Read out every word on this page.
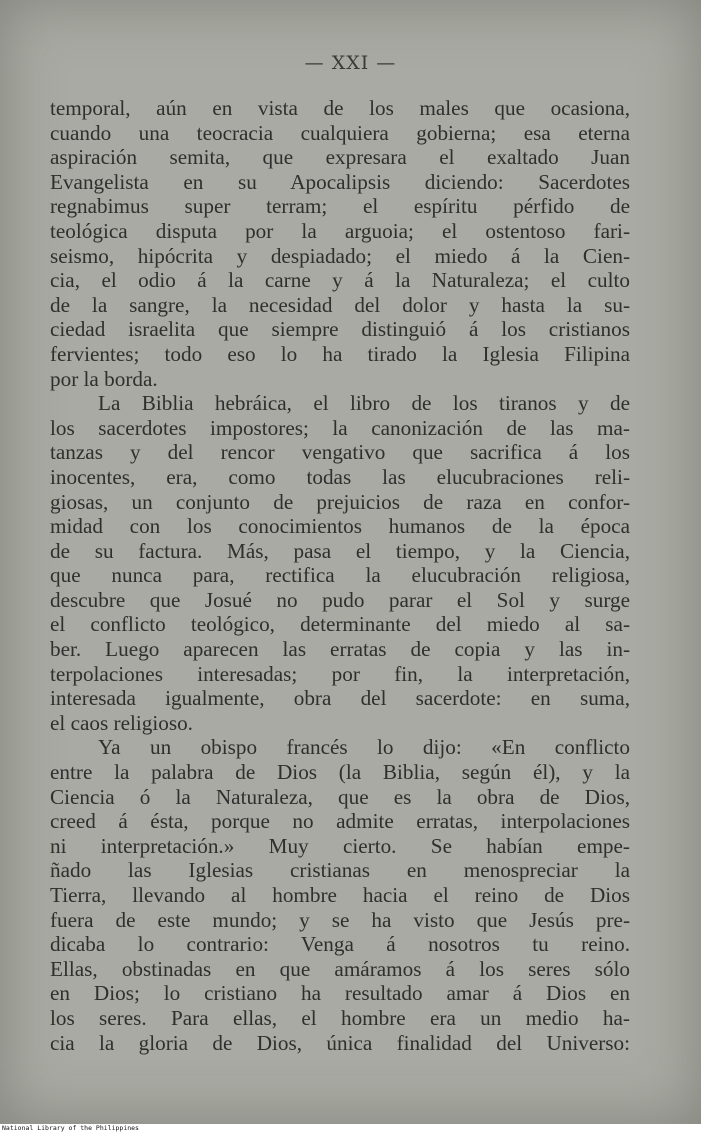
— XXI —
temporal, aún en vista de los males que ocasiona,
cuando una teocracia cualquiera gobierna; esa eterna
aspiración semita, que expresara el exaltado Juan
Evangelista en su Apocalipsis diciendo: Sacerdotes
regnabimus super terram; el espíritu pérfido de
teológica disputa por la arguoia; el ostentoso fari-
seismo, hipócrita y despiadado; el miedo á la Cien-
cia, el odio á la carne y á la Naturaleza; el culto
de la sangre, la necesidad del dolor y hasta la su-
ciedad israelita que siempre distinguió á los cristianos
fervientes; todo eso lo ha tirado la Iglesia Filipina
por la borda.
La Biblia hebráica, el libro de los tiranos y de
los sacerdotes impostores; la canonización de las ma-
tanzas y del rencor vengativo que sacrifica á los
inocentes, era, como todas las elucubraciones reli-
giosas, un conjunto de prejuicios de raza en confor-
midad con los conocimientos humanos de la época
de su factura. Más, pasa el tiempo, y la Ciencia,
que nunca para, rectifica la elucubración religiosa,
descubre que Josué no pudo parar el Sol y surge
el conflicto teológico, determinante del miedo al sa-
ber. Luego aparecen las erratas de copia y las in-
terpolaciones interesadas; por fin, la interpretación,
interesada igualmente, obra del sacerdote: en suma,
el caos religioso.
Ya un obispo francés lo dijo: «En conflicto
entre la palabra de Dios (la Biblia, según él), y la
Ciencia ó la Naturaleza, que es la obra de Dios,
creed á ésta, porque no admite erratas, interpolaciones
ni interpretación.» Muy cierto. Se habían empe-
ñado las Iglesias cristianas en menospreciar la
Tierra, llevando al hombre hacia el reino de Dios
fuera de este mundo; y se ha visto que Jesús pre-
dicaba lo contrario: Venga á nosotros tu reino.
Ellas, obstinadas en que amáramos á los seres sólo
en Dios; lo cristiano ha resultado amar á Dios en
los seres. Para ellas, el hombre era un medio ha-
cia la gloria de Dios, única finalidad del Universo:
National Library of the Philippines
